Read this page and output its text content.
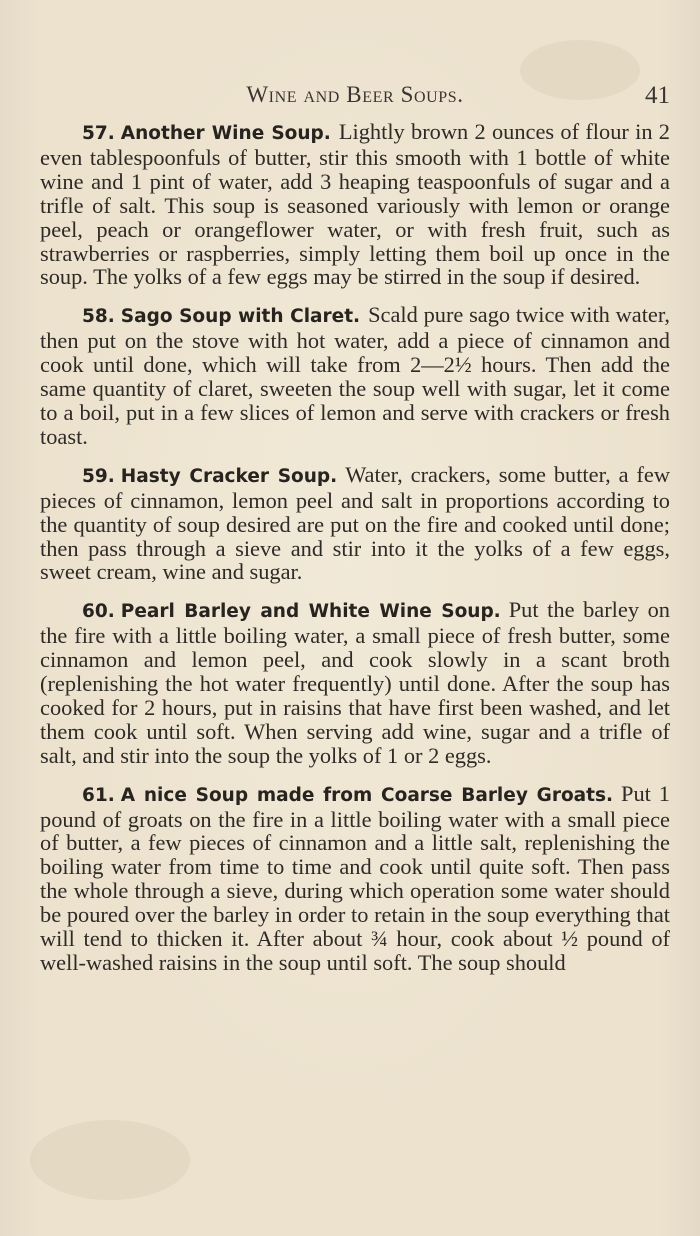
Wine and Beer Soups.	41

57. Another Wine Soup. Lightly brown 2 ounces of flour in 2 even tablespoonfuls of butter, stir this smooth with 1 bottle of white wine and 1 pint of water, add 3 heaping teaspoonfuls of sugar and a trifle of salt. This soup is seasoned variously with lemon or orange peel, peach or orangeflower water, or with fresh fruit, such as strawberries or raspberries, simply letting them boil up once in the soup. The yolks of a few eggs may be stirred in the soup if desired.

58. Sago Soup with Claret. Scald pure sago twice with water, then put on the stove with hot water, add a piece of cinnamon and cook until done, which will take from 2—2½ hours. Then add the same quantity of claret, sweeten the soup well with sugar, let it come to a boil, put in a few slices of lemon and serve with crackers or fresh toast.

59. Hasty Cracker Soup. Water, crackers, some butter, a few pieces of cinnamon, lemon peel and salt in proportions according to the quantity of soup desired are put on the fire and cooked until done; then pass through a sieve and stir into it the yolks of a few eggs, sweet cream, wine and sugar.

60. Pearl Barley and White Wine Soup. Put the barley on the fire with a little boiling water, a small piece of fresh butter, some cinnamon and lemon peel, and cook slowly in a scant broth (replenishing the hot water frequently) until done. After the soup has cooked for 2 hours, put in raisins that have first been washed, and let them cook until soft. When serving add wine, sugar and a trifle of salt, and stir into the soup the yolks of 1 or 2 eggs.

61. A nice Soup made from Coarse Barley Groats. Put 1 pound of groats on the fire in a little boiling water with a small piece of butter, a few pieces of cinnamon and a little salt, replenishing the boiling water from time to time and cook until quite soft. Then pass the whole through a sieve, during which operation some water should be poured over the barley in order to retain in the soup everything that will tend to thicken it. After about ¾ hour, cook about ½ pound of well-washed raisins in the soup until soft. The soup should
